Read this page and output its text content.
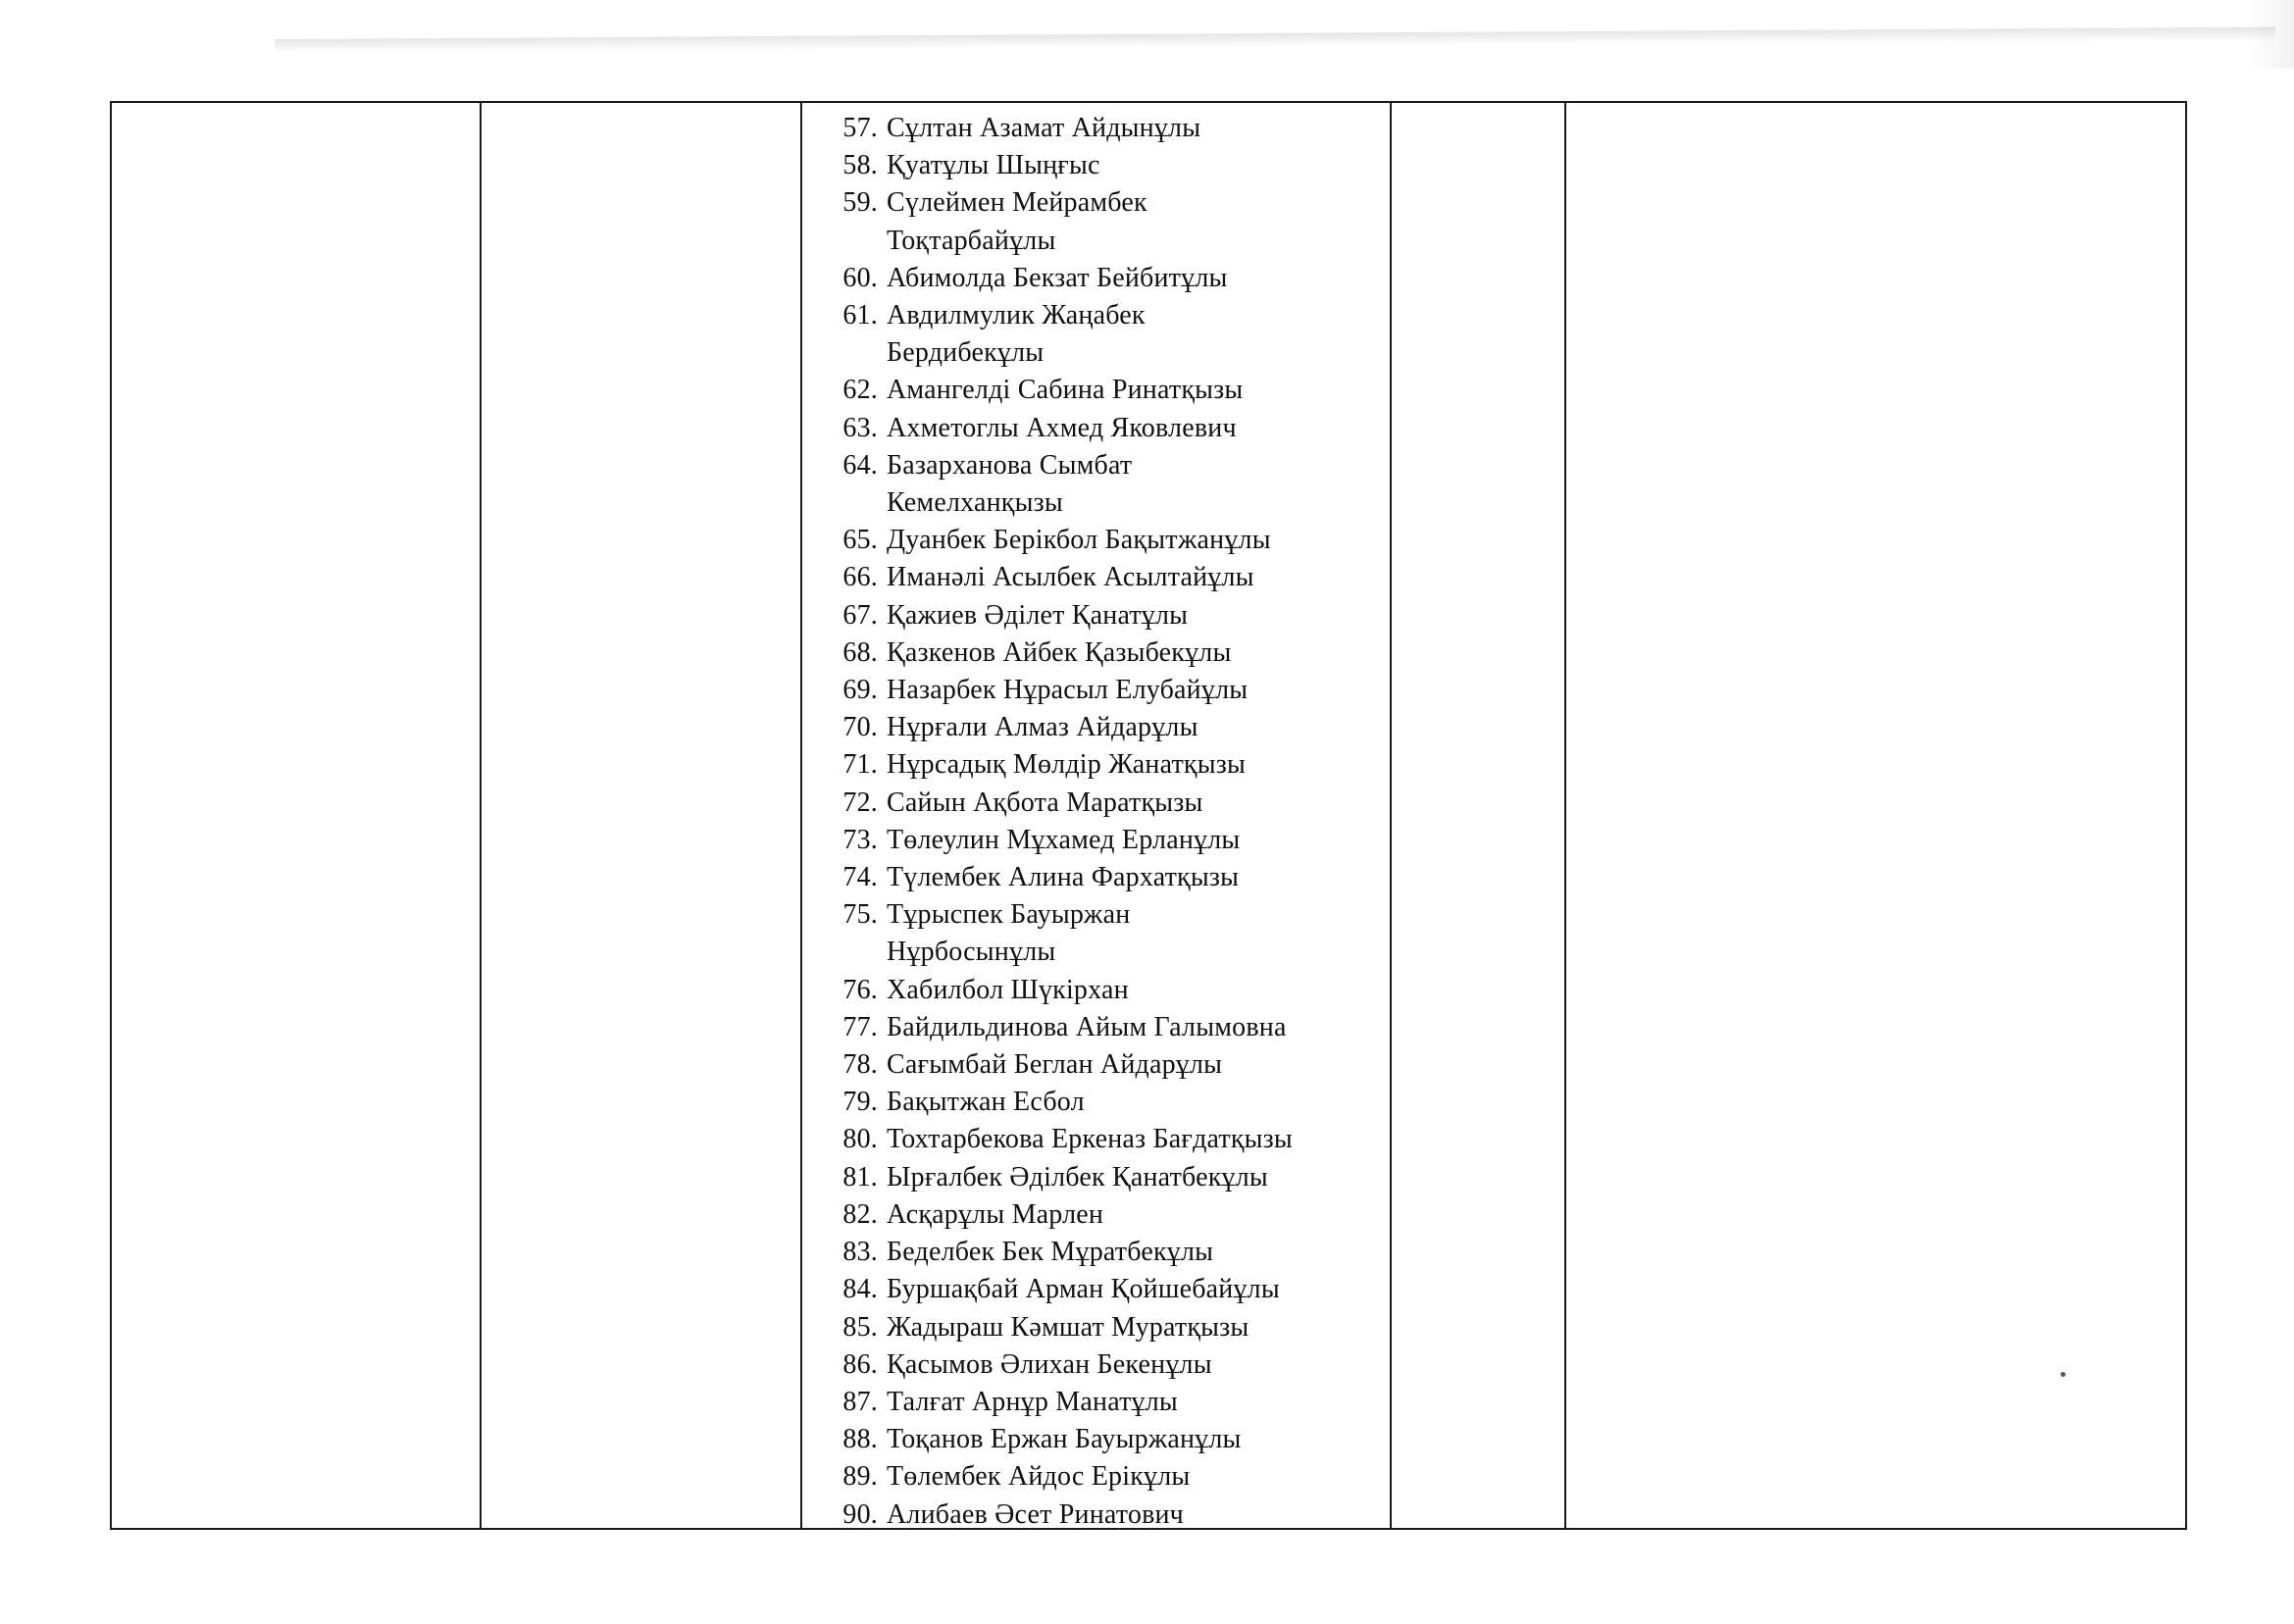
57. Сұлтан Азамат Айдынұлы
58. Қуатұлы Шыңғыс
59. Сүлеймен Мейрамбек
Тоқтарбайұлы
60. Абимолда Бекзат Бейбитұлы
61. Авдилмулик Жаңабек
Бердибекұлы
62. Амангелді Сабина Ринатқызы
63. Ахметоглы Ахмед Яковлевич
64. Базарханова Сымбат
Кемелханқызы
65. Дуанбек Берікбол Бақытжанұлы
66. Иманәлі Асылбек Асылтайұлы
67. Қажиев Әділет Қанатұлы
68. Қазкенов Айбек Қазыбекұлы
69. Назарбек Нұрасыл Елубайұлы
70. Нұрғали Алмаз Айдарұлы
71. Нұрсадық Мөлдір Жанатқызы
72. Сайын Ақбота Маратқызы
73. Төлеулин Мұхамед Ерланұлы
74. Түлембек Алина Фархатқызы
75. Тұрыспек Бауыржан
Нұрбосынұлы
76. Хабилбол Шүкірхан
77. Байдильдинова Айым Галымовна
78. Сағымбай Беглан Айдарұлы
79. Бақытжан Есбол
80. Тохтарбекова Еркеназ Бағдатқызы
81. Ырғалбек Әділбек Қанатбекұлы
82. Асқарұлы Марлен
83. Беделбек Бек Мұратбекұлы
84. Буршақбай Арман Қойшебайұлы
85. Жадыраш Кәмшат Муратқызы
86. Қасымов Әлихан Бекенұлы
87. Талғат Арнұр Манатұлы
88. Тоқанов Ержан Бауыржанұлы
89. Төлембек Айдос Ерікұлы
90. Алибаев Әсет Ринатович
